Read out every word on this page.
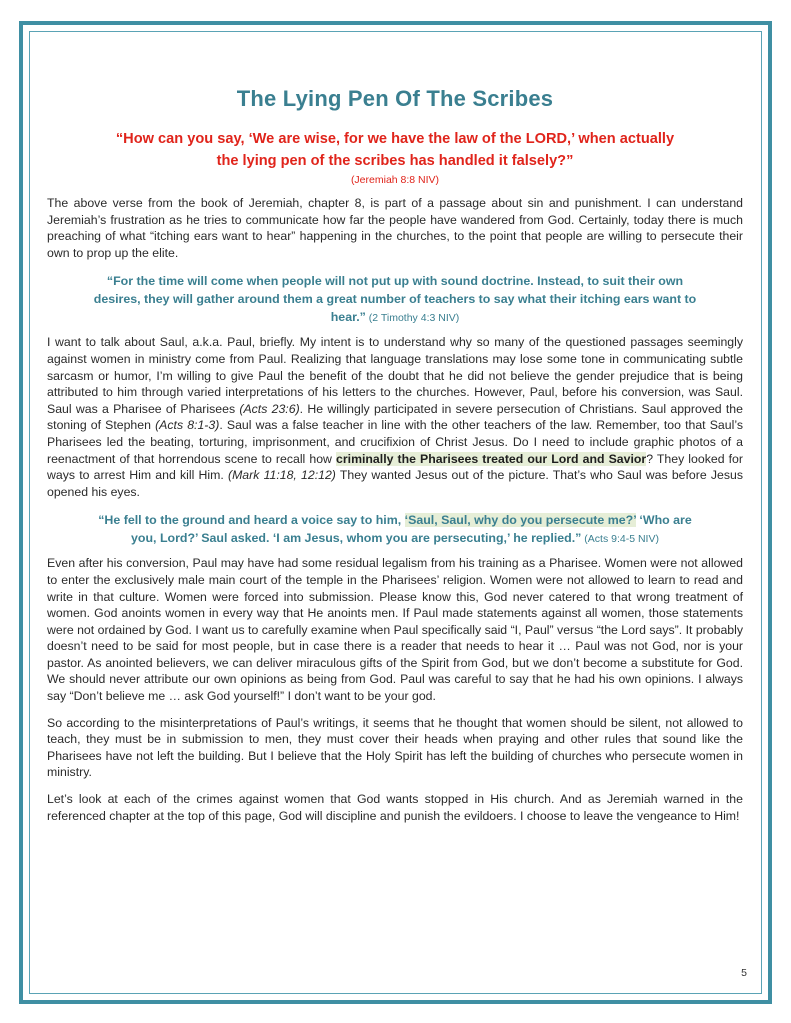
The Lying Pen Of The Scribes
“How can you say, ‘We are wise, for we have the law of the LORD,’ when actually the lying pen of the scribes has handled it falsely?”
(Jeremiah 8:8 NIV)

The above verse from the book of Jeremiah, chapter 8, is part of a passage about sin and punishment. I can understand Jeremiah’s frustration as he tries to communicate how far the people have wandered from God. Certainly, today there is much preaching of what “itching ears want to hear” happening in the churches, to the point that people are willing to persecute their own to prop up the elite.

“For the time will come when people will not put up with sound doctrine. Instead, to suit their own desires, they will gather around them a great number of teachers to say what their itching ears want to hear.” (2 Timothy 4:3 NIV)

I want to talk about Saul, a.k.a. Paul, briefly. My intent is to understand why so many of the questioned passages seemingly against women in ministry come from Paul. Realizing that language translations may lose some tone in communicating subtle sarcasm or humor, I’m willing to give Paul the benefit of the doubt that he did not believe the gender prejudice that is being attributed to him through varied interpretations of his letters to the churches. However, Paul, before his conversion, was Saul. Saul was a Pharisee of Pharisees (Acts 23:6). He willingly participated in severe persecution of Christians. Saul approved the stoning of Stephen (Acts 8:1-3). Saul was a false teacher in line with the other teachers of the law. Remember, too that Saul’s Pharisees led the beating, torturing, imprisonment, and crucifixion of Christ Jesus. Do I need to include graphic photos of a reenactment of that horrendous scene to recall how criminally the Pharisees treated our Lord and Savior? They looked for ways to arrest Him and kill Him. (Mark 11:18, 12:12) They wanted Jesus out of the picture. That’s who Saul was before Jesus opened his eyes.

“He fell to the ground and heard a voice say to him, ‘Saul, Saul, why do you persecute me?’ ‘Who are you, Lord?’ Saul asked. ‘I am Jesus, whom you are persecuting,’ he replied.” (Acts 9:4-5 NIV)

Even after his conversion, Paul may have had some residual legalism from his training as a Pharisee. Women were not allowed to enter the exclusively male main court of the temple in the Pharisees’ religion. Women were not allowed to learn to read and write in that culture. Women were forced into submission. Please know this, God never catered to that wrong treatment of women. God anoints women in every way that He anoints men. If Paul made statements against all women, those statements were not ordained by God. I want us to carefully examine when Paul specifically said “I, Paul” versus “the Lord says”. It probably doesn’t need to be said for most people, but in case there is a reader that needs to hear it … Paul was not God, nor is your pastor. As anointed believers, we can deliver miraculous gifts of the Spirit from God, but we don’t become a substitute for God. We should never attribute our own opinions as being from God. Paul was careful to say that he had his own opinions. I always say “Don’t believe me … ask God yourself!” I don’t want to be your god.

So according to the misinterpretations of Paul’s writings, it seems that he thought that women should be silent, not allowed to teach, they must be in submission to men, they must cover their heads when praying and other rules that sound like the Pharisees have not left the building. But I believe that the Holy Spirit has left the building of churches who persecute women in ministry.

Let’s look at each of the crimes against women that God wants stopped in His church. And as Jeremiah warned in the referenced chapter at the top of this page, God will discipline and punish the evildoers. I choose to leave the vengeance to Him!

5
